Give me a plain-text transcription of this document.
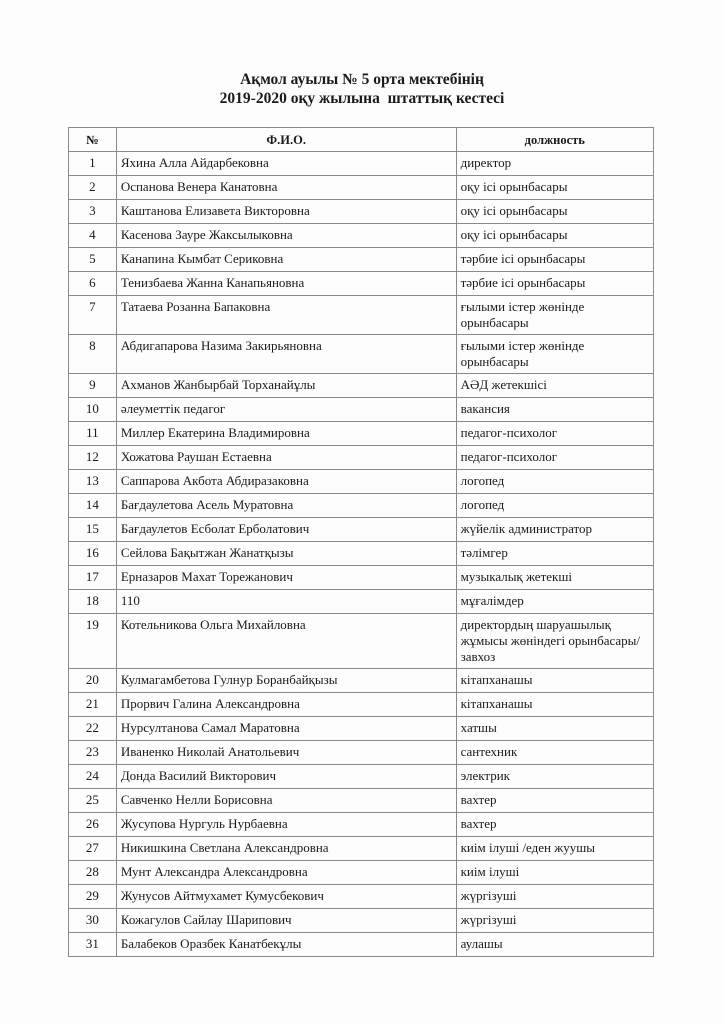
Ақмол ауылы № 5 орта мектебінің
2019-2020 оқу жылына  штаттық кестесі
№	Ф.И.О.	должность
1	Яхина Алла Айдарбековна	директор
2	Оспанова Венера Канатовна	оқу ісі орынбасары
3	Каштанова Елизавета Викторовна	оқу ісі орынбасары
4	Касенова Зауре Жаксылыковна	оқу ісі орынбасары
5	Канапина Кымбат Сериковна	тәрбие ісі орынбасары
6	Тенизбаева Жанна Канапьяновна	тәрбие ісі орынбасары
7	Татаева Розанна Бапаковна	ғылыми істер жөнінде орынбасары
8	Абдигапарова Назима Закирьяновна	ғылыми істер жөнінде орынбасары
9	Ахманов Жанбырбай Торханайұлы	АӘД жетекшісі
10	әлеуметтік педагог	вакансия
11	Миллер Екатерина Владимировна	педагог-психолог
12	Хожатова Раушан Естаевна	педагог-психолог
13	Саппарова Акбота Абдиразаковна	логопед
14	Бағдаулетова Асель Муратовна	логопед
15	Бағдаулетов Есболат Ерболатович	жүйелік администратор
16	Сейлова Бақытжан Жанатқызы	тәлімгер
17	Ерназаров Махат Торежанович	музыкалық жетекші
18	110	мұғалімдер
19	Котельникова Ольга Михайловна	директордың шаруашылық жұмысы жөніндегі орынбасары/завхоз
20	Кулмагамбетова Гулнур Боранбайқызы	кітапханашы
21	Прорвич Галина Александровна	кітапханашы
22	Нурсултанова Самал Маратовна	хатшы
23	Иваненко Николай Анатольевич	сантехник
24	Донда Василий Викторович	электрик
25	Савченко Нелли Борисовна	вахтер
26	Жусупова Нургуль Нурбаевна	вахтер
27	Никишкина Светлана Александровна	киім ілуші /еден жуушы
28	Мунт Александра Александровна	киім ілуші
29	Жунусов Айтмухамет Кумусбекович	жүргізуші
30	Кожагулов Сайлау Шарипович	жүргізуші
31	Балабеков Оразбек Канатбекұлы	аулашы
